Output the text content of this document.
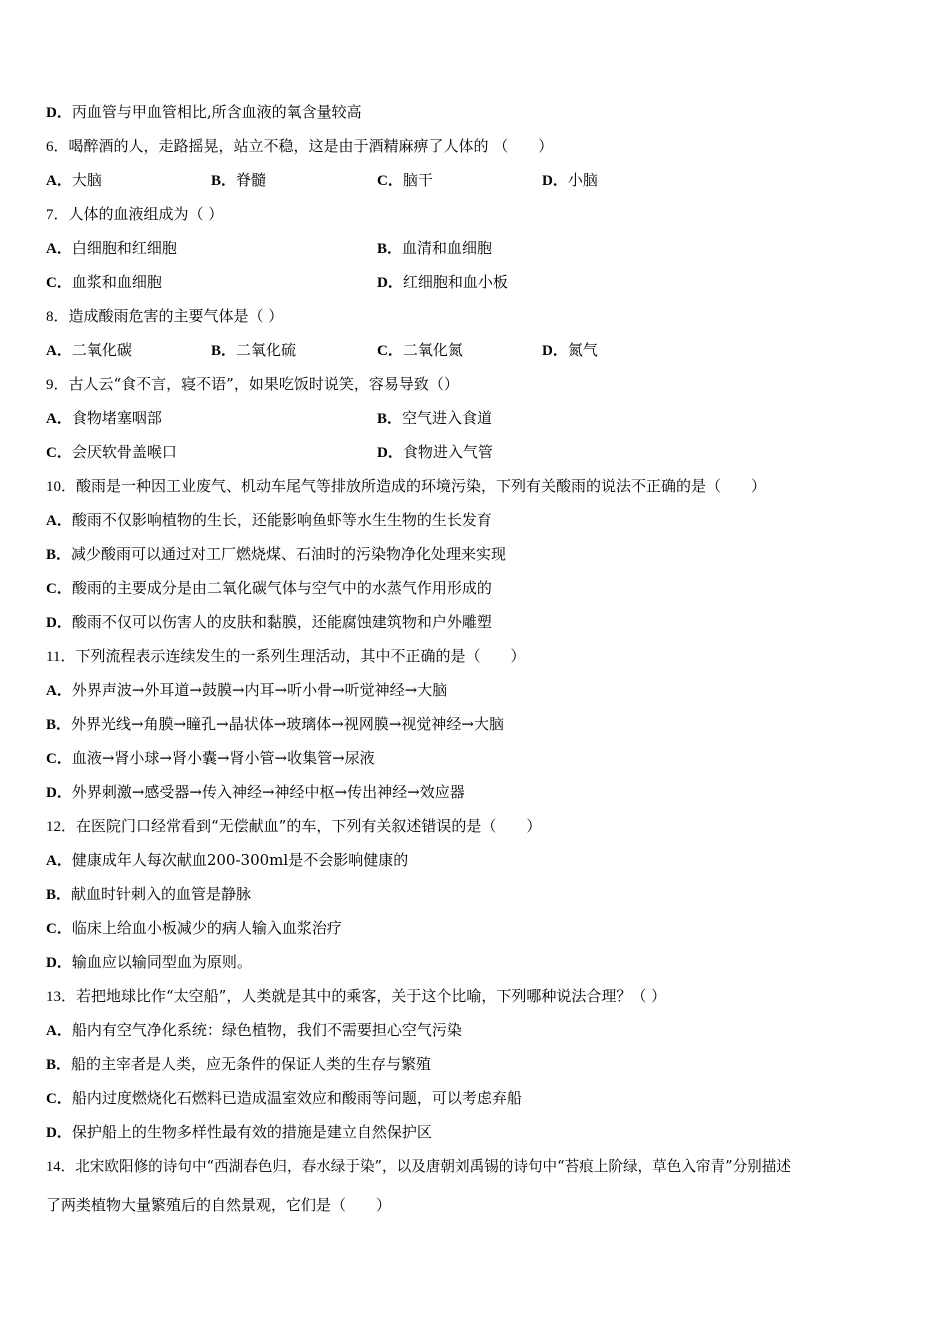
D．丙血管与甲血管相比,所含血液的氧含量较高
6．喝醉酒的人，走路摇晃，站立不稳，这是由于酒精麻痹了人体的 （　　）
A．大脑	B．脊髓	C．脑干	D．小脑
7．人体的血液组成为（ ）
A．白细胞和红细胞	B．血清和血细胞
C．血浆和血细胞	D．红细胞和血小板
8．造成酸雨危害的主要气体是（ ）
A．二氧化碳	B．二氧化硫	C．二氧化氮	D．氮气
9．古人云“食不言，寝不语”，如果吃饭时说笑，容易导致（）
A．食物堵塞咽部	B．空气进入食道
C．会厌软骨盖喉口	D．食物进入气管
10．酸雨是一种因工业废气、机动车尾气等排放所造成的环境污染，下列有关酸雨的说法不正确的是（　　）
A．酸雨不仅影响植物的生长，还能影响鱼虾等水生生物的生长发育
B．减少酸雨可以通过对工厂燃烧煤、石油时的污染物净化处理来实现
C．酸雨的主要成分是由二氧化碳气体与空气中的水蒸气作用形成的
D．酸雨不仅可以伤害人的皮肤和黏膜，还能腐蚀建筑物和户外雕塑
11．下列流程表示连续发生的一系列生理活动，其中不正确的是（　　）
A．外界声波→外耳道→鼓膜→内耳→听小骨→听觉神经→大脑
B．外界光线→角膜→瞳孔→晶状体→玻璃体→视网膜→视觉神经→大脑
C．血液→肾小球→肾小囊→肾小管→收集管→尿液
D．外界刺激→感受器→传入神经→神经中枢→传出神经→效应器
12．在医院门口经常看到“无偿献血”的车，下列有关叙述错误的是（　　）
A．健康成年人每次献血200-300ml是不会影响健康的
B．献血时针刺入的血管是静脉
C．临床上给血小板减少的病人输入血浆治疗
D．输血应以输同型血为原则。
13．若把地球比作“太空船”，人类就是其中的乘客，关于这个比喻，下列哪种说法合理？（ ）
A．船内有空气净化系统：绿色植物，我们不需要担心空气污染
B．船的主宰者是人类，应无条件的保证人类的生存与繁殖
C．船内过度燃烧化石燃料已造成温室效应和酸雨等问题，可以考虑弃船
D．保护船上的生物多样性最有效的措施是建立自然保护区
14．北宋欧阳修的诗句中“西湖春色归，春水绿于染”，以及唐朝刘禹锡的诗句中“苔痕上阶绿，草色入帘青”分别描述
了两类植物大量繁殖后的自然景观，它们是（　　）
